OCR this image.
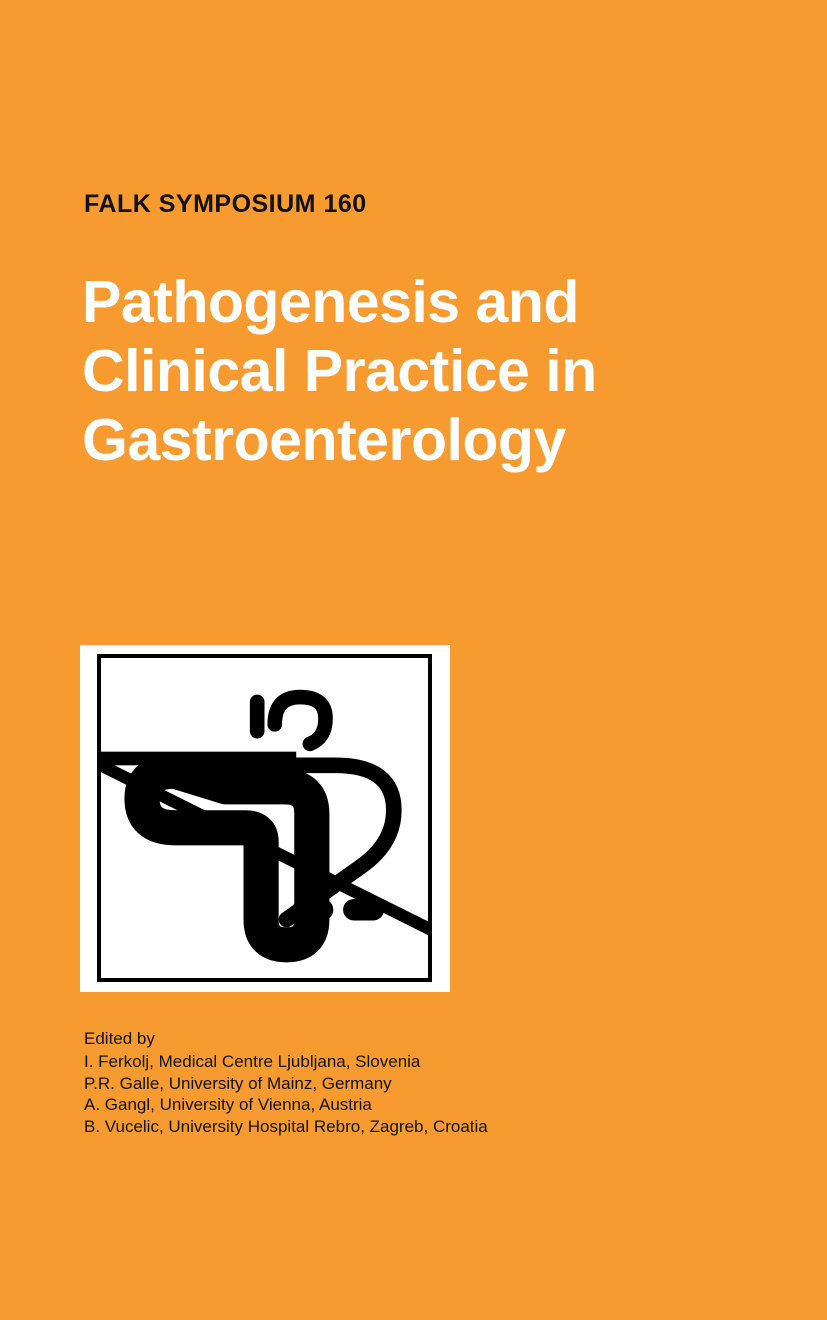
FALK SYMPOSIUM 160
Pathogenesis and
Clinical Practice in
Gastroenterology
Edited by
I. Ferkolj, Medical Centre Ljubljana, Slovenia
P.R. Galle, University of Mainz, Germany
A. Gangl, University of Vienna, Austria
B. Vucelic, University Hospital Rebro, Zagreb, Croatia
